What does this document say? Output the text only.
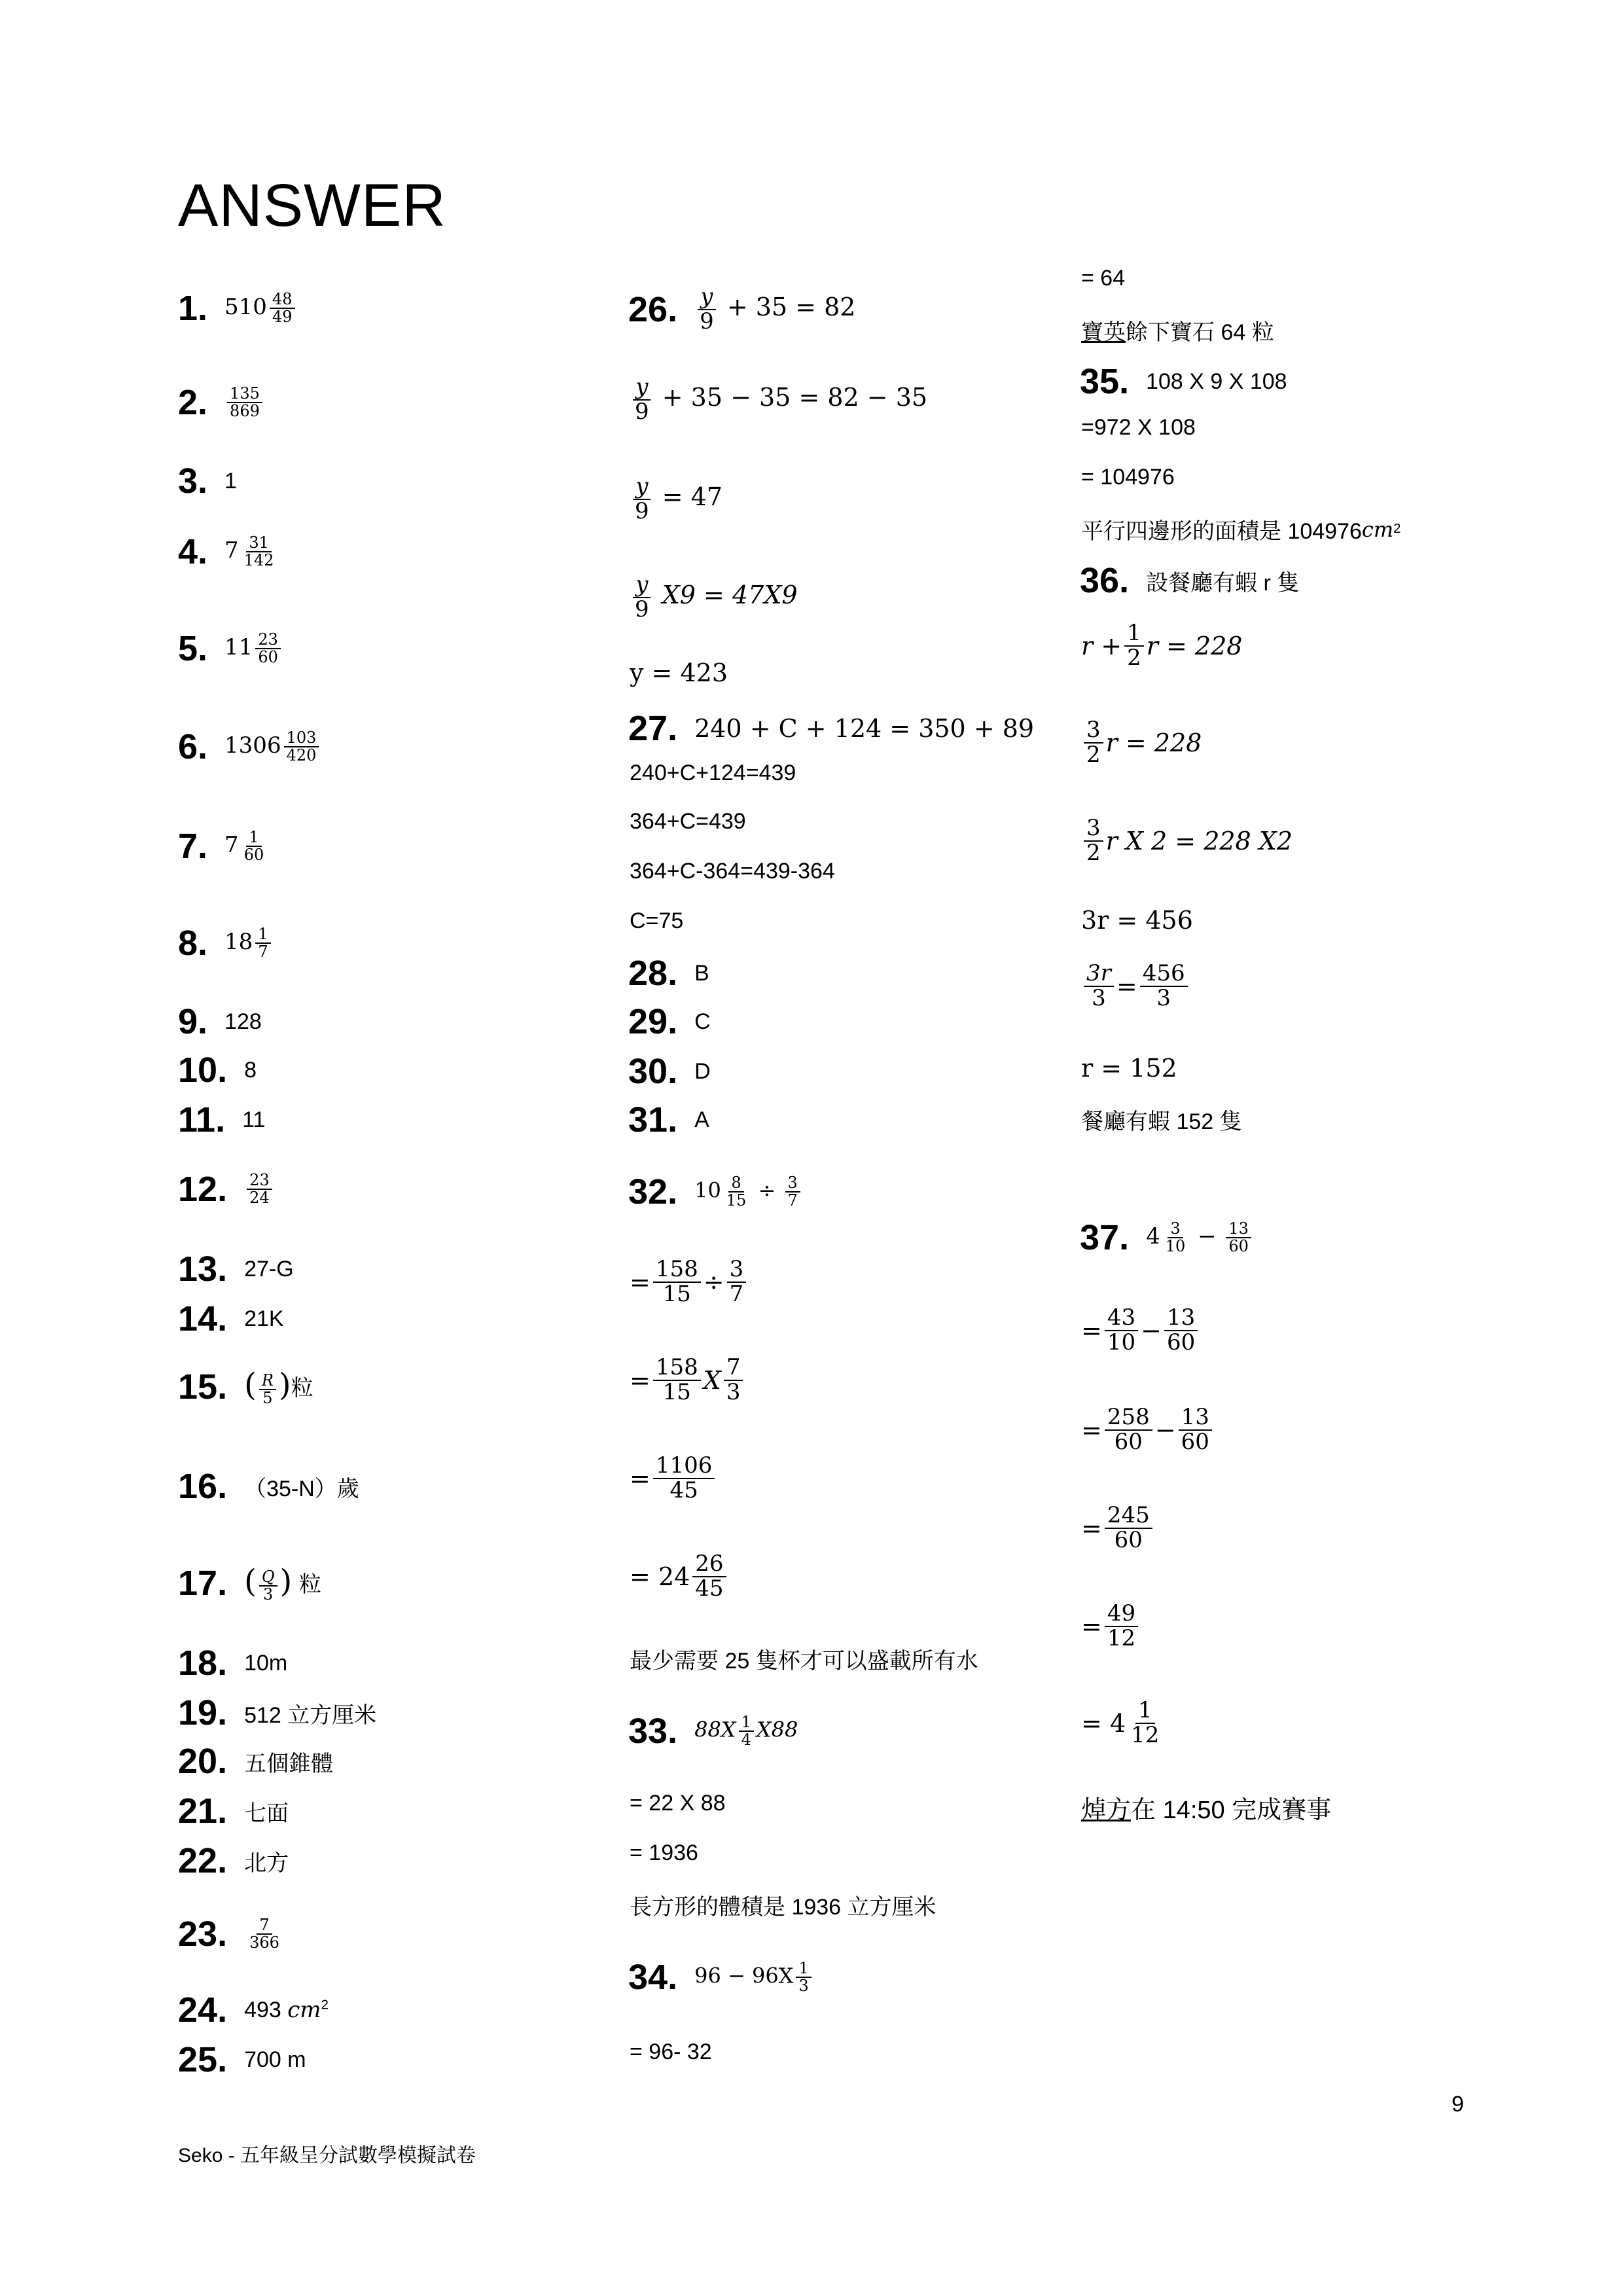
ANSWER
1. $510 \frac{48}{49}$
2. $\frac{135}{869}$
3. 1
4. $7 \frac{31}{142}$
5. $11 \frac{23}{60}$
6. $1306 \frac{103}{420}$
7. $7 \frac{1}{60}$
8. $18 \frac{1}{7}$
9. 128
10. 8
11. 11
12. $\frac{23}{24}$
13. 27-G
14. 21K
15. ( $\frac{R}{5}$ )粒
16. （35-N）歲
17. ( $\frac{Q}{3}$ ) 粒
18. 10m
19. 512 立方厘米
20. 五個錐體
21. 七面
22. 北方
23. $\frac{7}{366}$
24. 493 $cm^2$
25. 700 m
26. $\frac{y}{9} + 35 = 82$
$\frac{y}{9} + 35 - 35 = 82 - 35$
$\frac{y}{9} = 47$
$\frac{y}{9} X9 = 47X9$
y = 423
27. 240 + C + 124 = 350 + 89
240+C+124=439
364+C=439
364+C-364=439-364
C=75
28. B
29. C
30. D
31. A
32. $10 \frac{8}{15} \div \frac{3}{7}$
= $\frac{158}{15} \div \frac{3}{7}$
= $\frac{158}{15}$ X $\frac{7}{3}$
= $\frac{1106}{45}$
=
$24 \frac{26}{45}$
最少需要 25 隻杯才可以盛載所有水
33. $88X \frac{1}{4} X88$
= 22 X 88
= 1936
長方形的體積是 1936 立方厘米
34. $96 - 96X \frac{1}{3}$
= 96- 32
= 64
寶英 餘下寶石 64 粒
35. 108 X 9 X 108
=972 X 108
= 104976
平行四邊形的面積是 104976 cm 2
36. 設餐廳有蝦 r 隻
$r + \frac{1}{2}$ r = 228
$\frac{3}{2}$ r = 228
$\frac{3}{2}$ r X 2 = 228 X2
3r = 456
$\frac{3r}{3} = \frac{456}{3}$
r = 152
餐廳有蝦 152 隻
37. $4 \frac{3}{10} - \frac{13}{60}$
= $\frac{43}{10} - \frac{13}{60}$
= $\frac{258}{60} - \frac{13}{60}$
= $\frac{245}{60}$
= $\frac{49}{12}$
=
$4 \frac{1}{12}$
焯方 在 14:50 完成賽事
9
Seko - 五年級呈分試數學模擬試卷
